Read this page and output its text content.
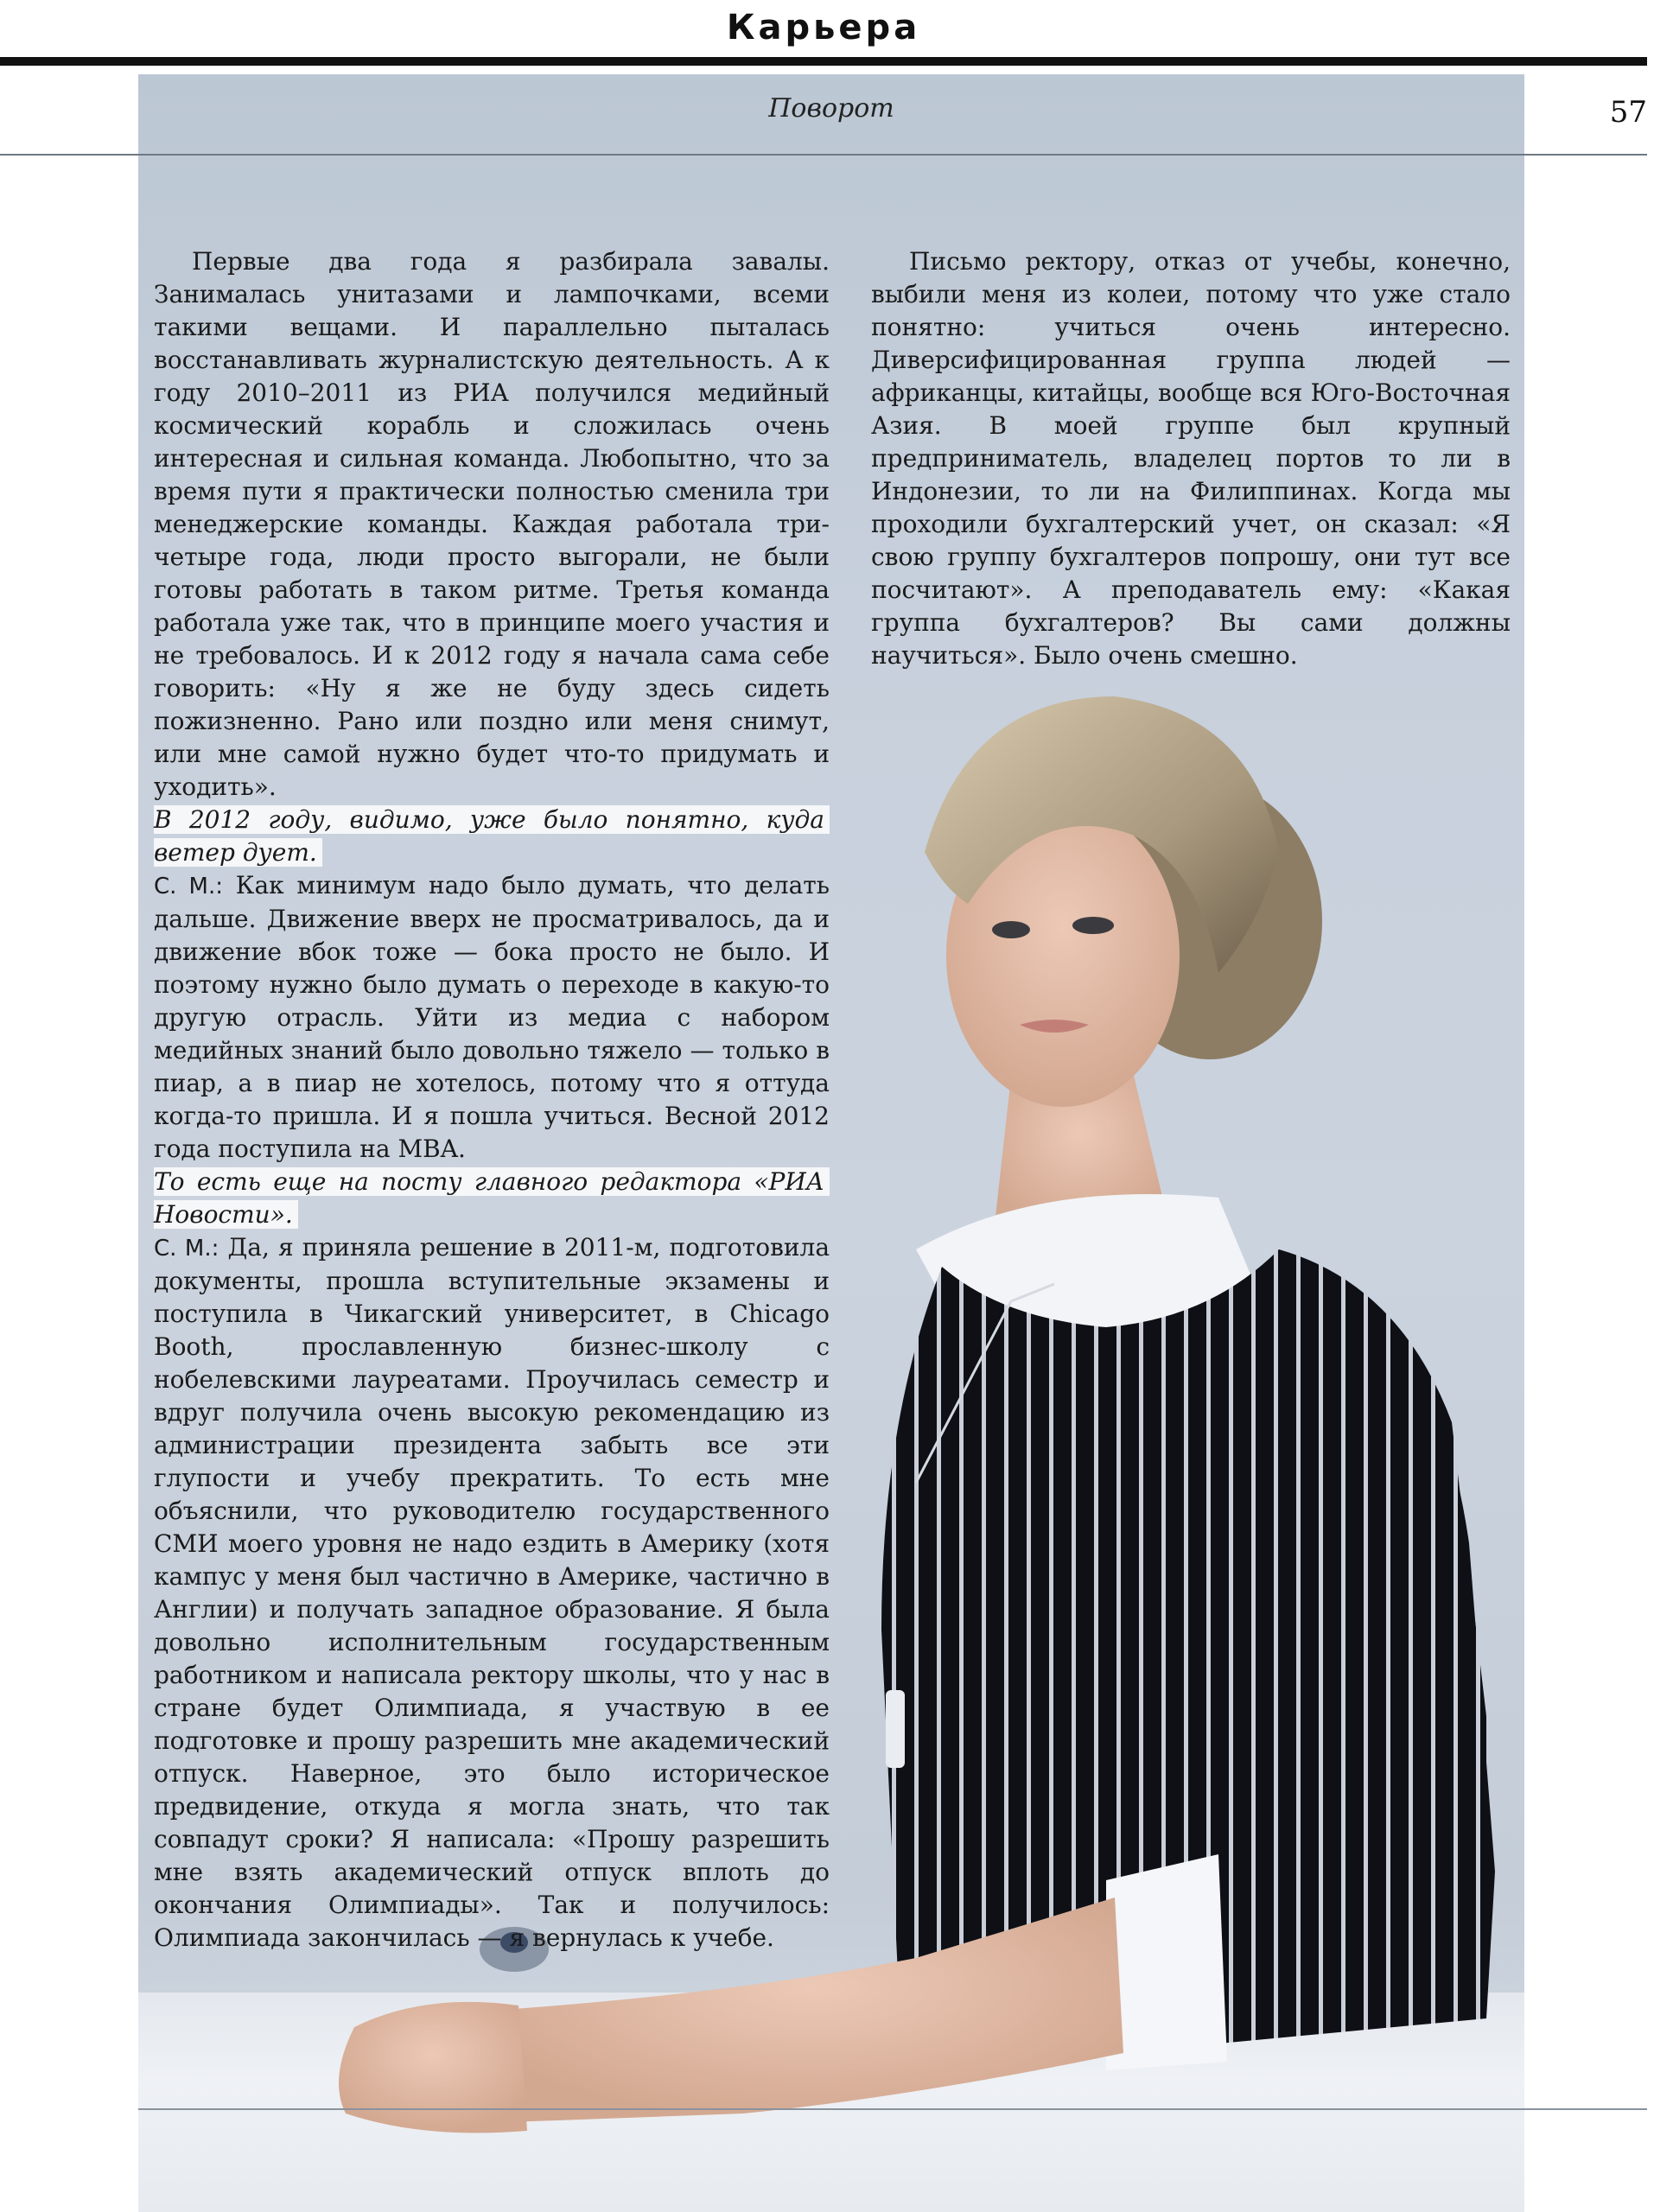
Карьера
Поворот	57

Первые два года я разбирала завалы. Занималась унитазами и лампочками, всеми такими вещами. И параллельно пыталась восстанавливать журналистскую деятельность. А к году 2010–2011 из РИА получился медийный космический корабль и сложилась очень интересная и сильная команда. Любопытно, что за время пути я практически полностью сменила три менеджерские команды. Каждая работала три-четыре года, люди просто выгорали, не были готовы работать в таком ритме. Третья команда работала уже так, что в принципе моего участия и не требовалось. И к 2012 году я начала сама себе говорить: «Ну я же не буду здесь сидеть пожизненно. Рано или поздно или меня снимут, или мне самой нужно будет что-то придумать и уходить».

В 2012 году, видимо, уже было понятно, куда ветер дует.

С. М.: Как минимум надо было думать, что делать дальше. Движение вверх не просматривалось, да и движение вбок тоже — бока просто не было. И поэтому нужно было думать о переходе в какую-то другую отрасль. Уйти из медиа с набором медийных знаний было довольно тяжело — только в пиар, а в пиар не хотелось, потому что я оттуда когда-то пришла. И я пошла учиться. Весной 2012 года поступила на MBA.

То есть еще на посту главного редактора «РИА Новости».

С. М.: Да, я приняла решение в 2011-м, подготовила документы, прошла вступительные экзамены и поступила в Чикагский университет, в Chicago Booth, прославленную бизнес-школу с нобелевскими лауреатами. Проучилась семестр и вдруг получила очень высокую рекомендацию из администрации президента забыть все эти глупости и учебу прекратить. То есть мне объяснили, что руководителю государственного СМИ моего уровня не надо ездить в Америку (хотя кампус у меня был частично в Америке, частично в Англии) и получать западное образование. Я была довольно исполнительным государственным работником и написала ректору школы, что у нас в стране будет Олимпиада, я участвую в ее подготовке и прошу разрешить мне академический отпуск. Наверное, это было историческое предвидение, откуда я могла знать, что так совпадут сроки? Я написала: «Прошу разрешить мне взять академический отпуск вплоть до окончания Олимпиады». Так и получилось: Олимпиада закончилась — я вернулась к учебе.

Письмо ректору, отказ от учебы, конечно, выбили меня из колеи, потому что уже стало понятно: учиться очень интересно. Диверсифицированная группа людей — африканцы, китайцы, вообще вся Юго-Восточная Азия. В моей группе был крупный предприниматель, владелец портов то ли в Индонезии, то ли на Филиппинах. Когда мы проходили бухгалтерский учет, он сказал: «Я свою группу бухгалтеров попрошу, они тут все посчитают». А преподаватель ему: «Какая группа бухгалтеров? Вы сами должны научиться». Было очень смешно.
